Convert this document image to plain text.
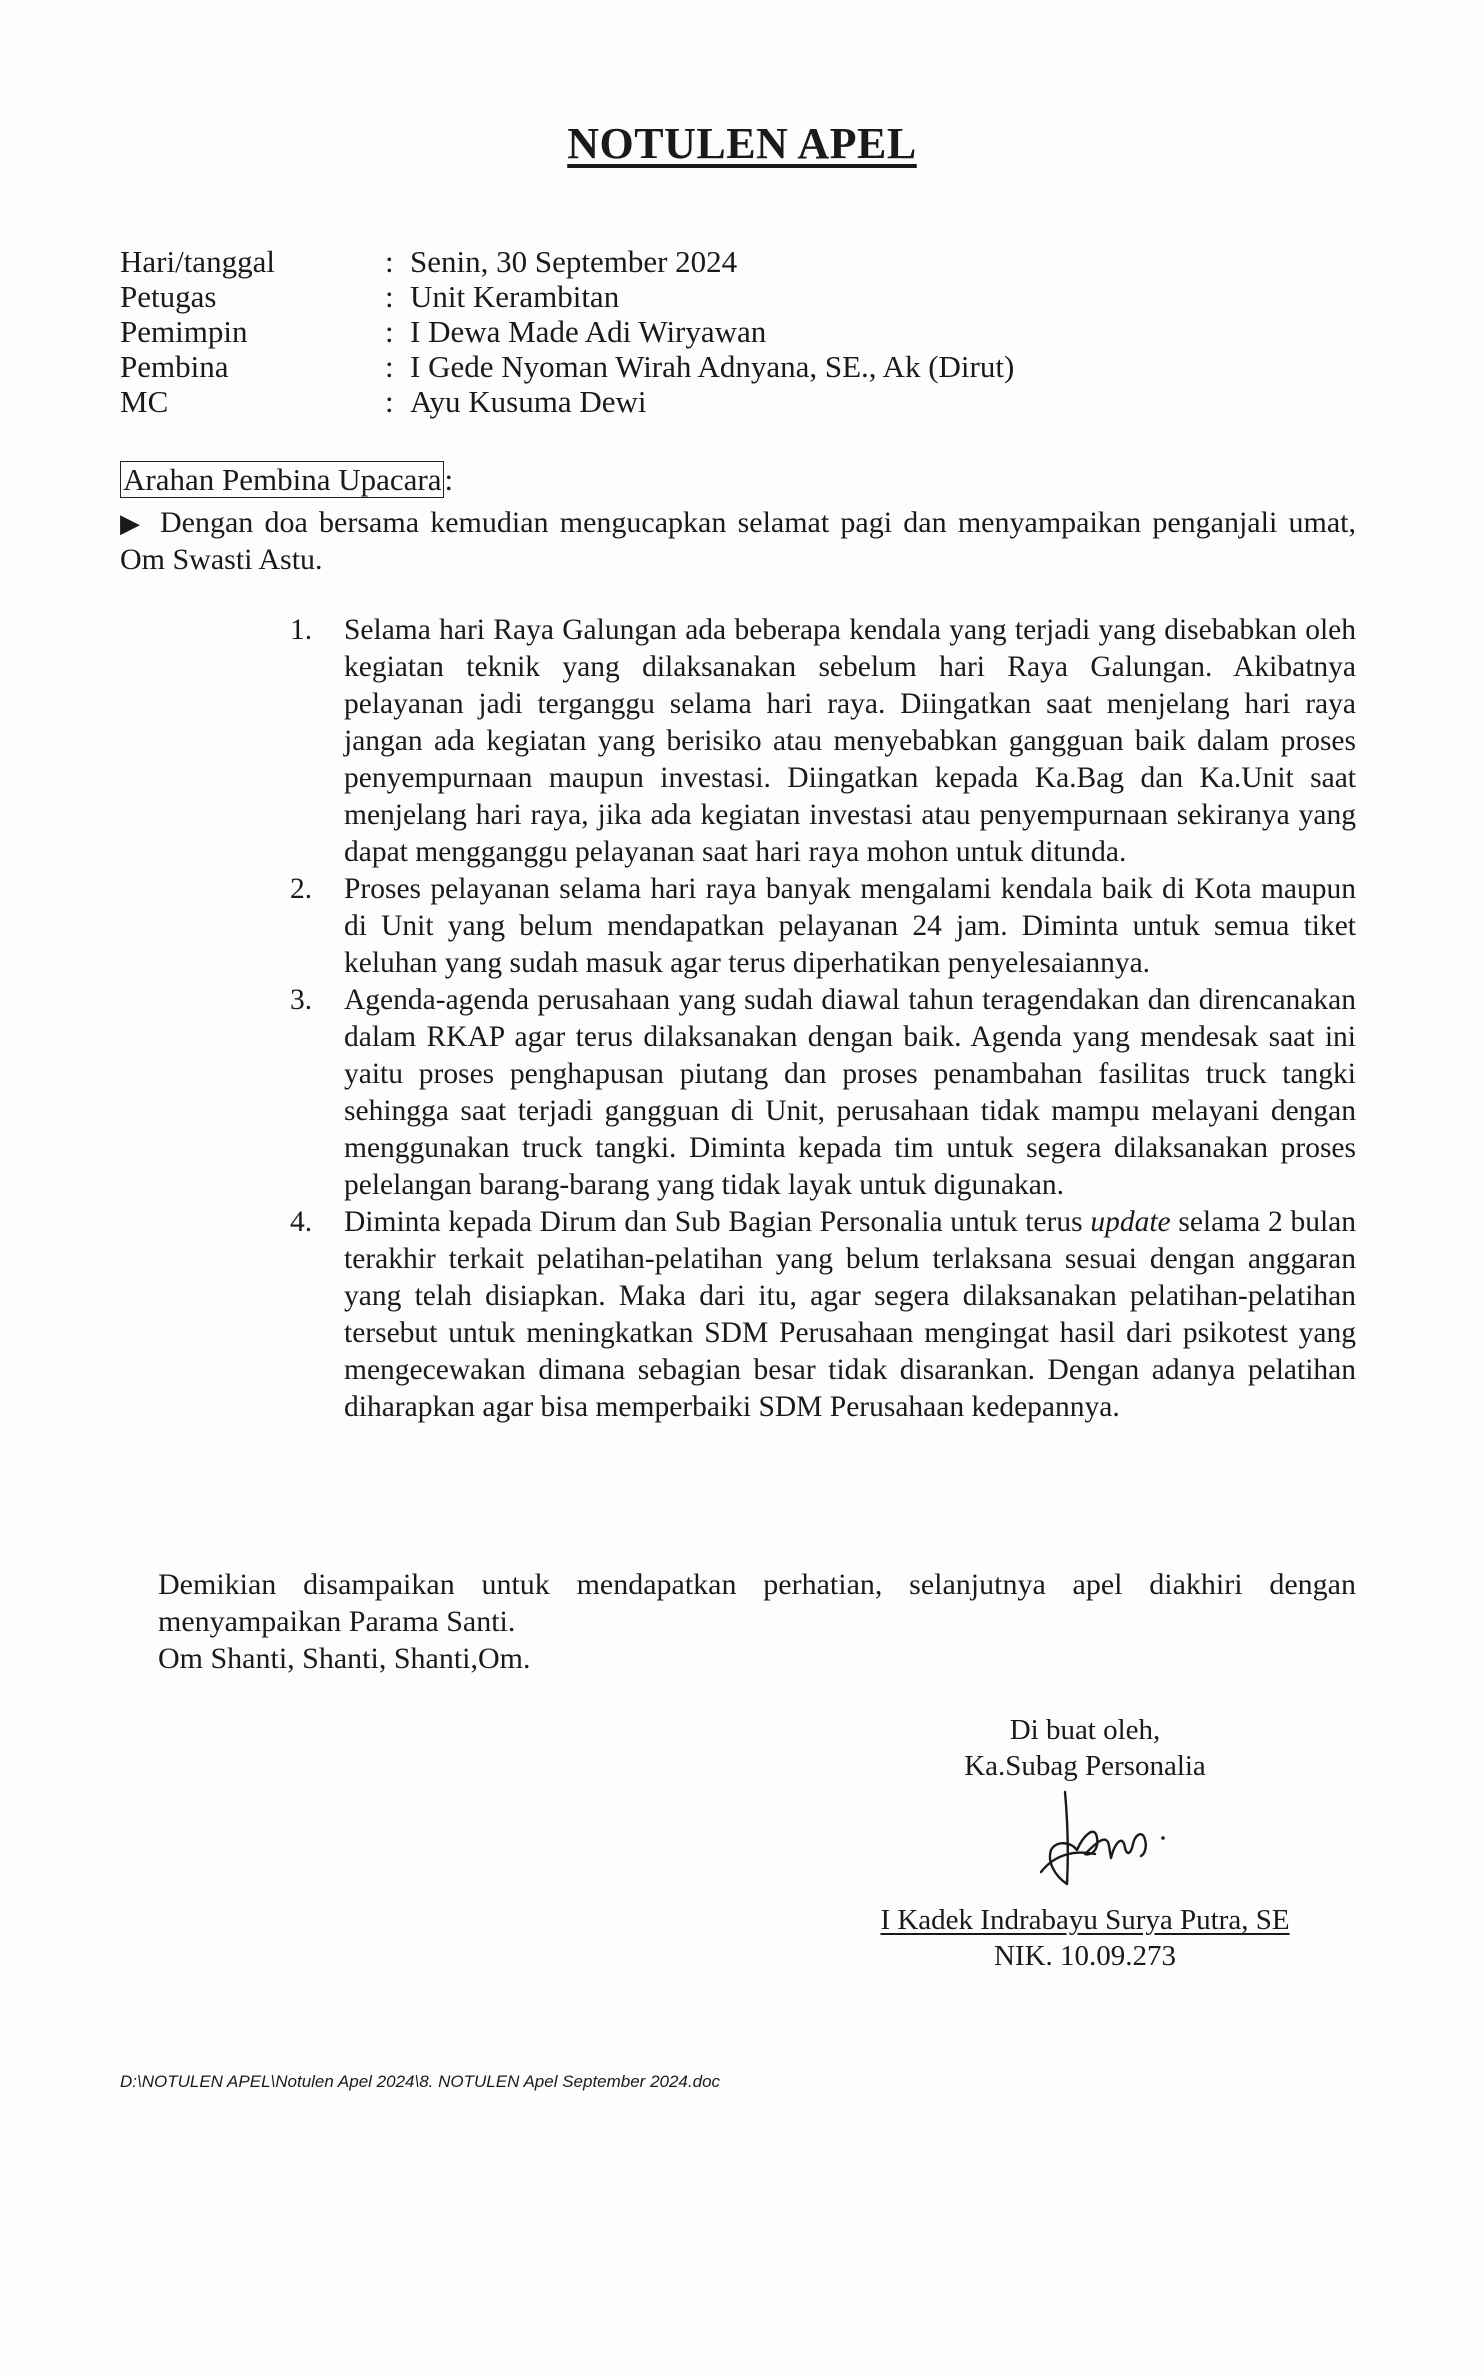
NOTULEN APEL
Hari/tanggal	: Senin, 30 September 2024
Petugas	: Unit Kerambitan
Pemimpin	: I Dewa Made Adi Wiryawan
Pembina	: I Gede Nyoman Wirah Adnyana, SE., Ak (Dirut)
MC	: Ayu Kusuma Dewi
Arahan Pembina Upacara:
▶ Dengan doa bersama kemudian mengucapkan selamat pagi dan menyampaikan penganjali umat, Om Swasti Astu.
1. Selama hari Raya Galungan ada beberapa kendala yang terjadi yang disebabkan oleh kegiatan teknik yang dilaksanakan sebelum hari Raya Galungan. Akibatnya pelayanan jadi terganggu selama hari raya. Diingatkan saat menjelang hari raya jangan ada kegiatan yang berisiko atau menyebabkan gangguan baik dalam proses penyempurnaan maupun investasi. Diingatkan kepada Ka.Bag dan Ka.Unit saat menjelang hari raya, jika ada kegiatan investasi atau penyempurnaan sekiranya yang dapat mengganggu pelayanan saat hari raya mohon untuk ditunda.
2. Proses pelayanan selama hari raya banyak mengalami kendala baik di Kota maupun di Unit yang belum mendapatkan pelayanan 24 jam. Diminta untuk semua tiket keluhan yang sudah masuk agar terus diperhatikan penyelesaiannya.
3. Agenda-agenda perusahaan yang sudah diawal tahun teragendakan dan direncanakan dalam RKAP agar terus dilaksanakan dengan baik. Agenda yang mendesak saat ini yaitu proses penghapusan piutang dan proses penambahan fasilitas truck tangki sehingga saat terjadi gangguan di Unit, perusahaan tidak mampu melayani dengan menggunakan truck tangki. Diminta kepada tim untuk segera dilaksanakan proses pelelangan barang-barang yang tidak layak untuk digunakan.
4. Diminta kepada Dirum dan Sub Bagian Personalia untuk terus update selama 2 bulan terakhir terkait pelatihan-pelatihan yang belum terlaksana sesuai dengan anggaran yang telah disiapkan. Maka dari itu, agar segera dilaksanakan pelatihan-pelatihan tersebut untuk meningkatkan SDM Perusahaan mengingat hasil dari psikotest yang mengecewakan dimana sebagian besar tidak disarankan. Dengan adanya pelatihan diharapkan agar bisa memperbaiki SDM Perusahaan kedepannya.
Demikian disampaikan untuk mendapatkan perhatian, selanjutnya apel diakhiri dengan menyampaikan Parama Santi.
Om Shanti, Shanti, Shanti,Om.
Di buat oleh,
Ka.Subag Personalia
I Kadek Indrabayu Surya Putra, SE
NIK. 10.09.273
D:\NOTULEN APEL\Notulen Apel 2024\8. NOTULEN Apel September 2024.doc
